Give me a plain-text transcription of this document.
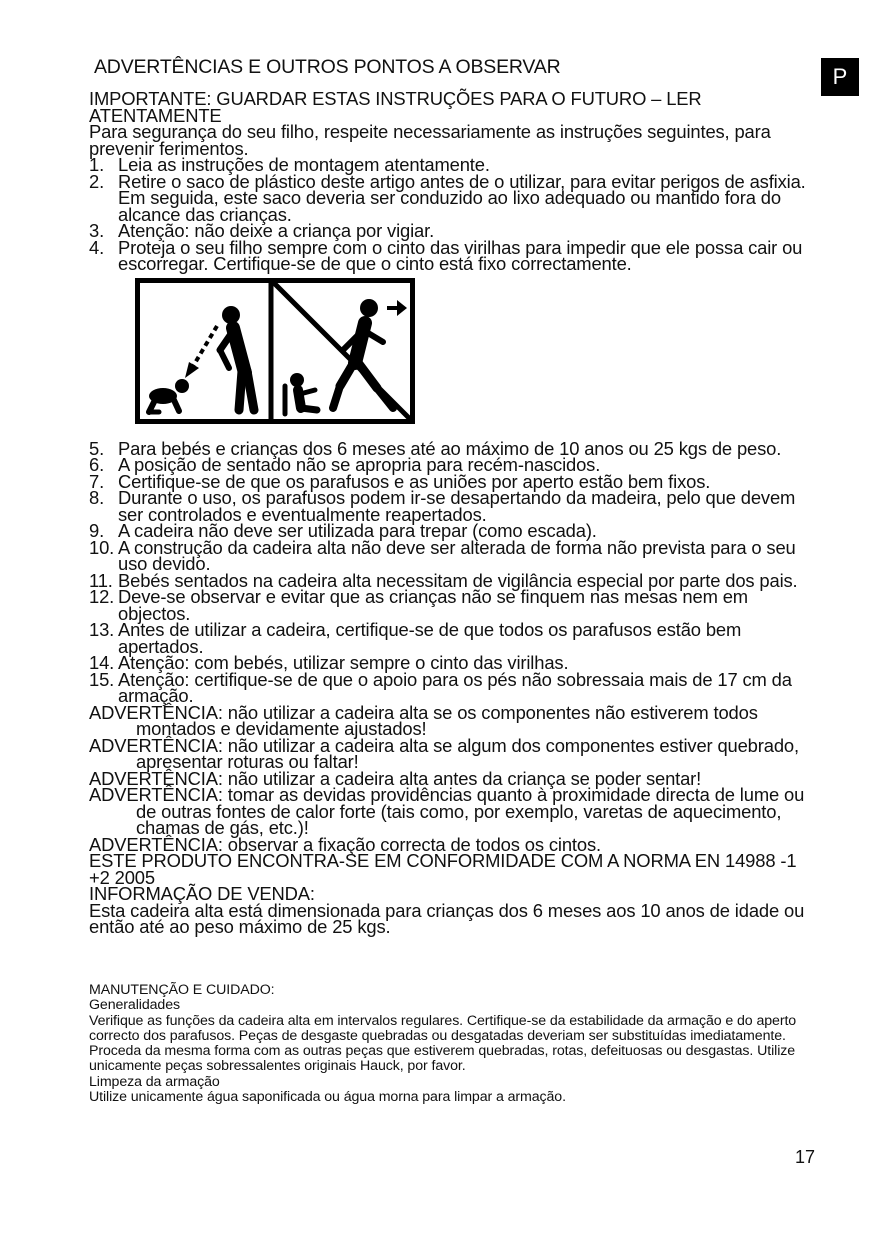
ADVERTÊNCIAS E OUTROS PONTOS A OBSERVAR	P

IMPORTANTE: GUARDAR ESTAS INSTRUÇÕES PARA O FUTURO – LER ATENTAMENTE

Para segurança do seu filho, respeite necessariamente as instruções seguintes, para prevenir ferimentos.

1. Leia as instruções de montagem atentamente.
2. Retire o saco de plástico deste artigo antes de o utilizar, para evitar perigos de asfixia. Em seguida, este saco deveria ser conduzido ao lixo adequado ou mantido fora do alcance das crianças.
3. Atenção: não deixe a criança por vigiar.
4. Proteja o seu filho sempre com o cinto das virilhas para impedir que ele possa cair ou escorregar. Certifique-se de que o cinto está fixo correctamente.
5. Para bebés e crianças dos 6 meses até ao máximo de 10 anos ou 25 kgs de peso.
6. A posição de sentado não se apropria para recém-nascidos.
7. Certifique-se de que os parafusos e as uniões por aperto estão bem fixos.
8. Durante o uso, os parafusos podem ir-se desapertando da madeira, pelo que devem ser controlados e eventualmente reapertados.
9. A cadeira não deve ser utilizada para trepar (como escada).
10. A construção da cadeira alta não deve ser alterada de forma não prevista para o seu uso devido.
11. Bebés sentados na cadeira alta necessitam de vigilância especial por parte dos pais.
12. Deve-se observar e evitar que as crianças não se finquem nas mesas nem em objectos.
13. Antes de utilizar a cadeira, certifique-se de que todos os parafusos estão bem apertados.
14. Atenção: com bebés, utilizar sempre o cinto das virilhas.
15. Atenção: certifique-se de que o apoio para os pés não sobressaia mais de 17 cm da armação.

ADVERTÊNCIA: não utilizar a cadeira alta se os componentes não estiverem todos montados e devidamente ajustados!

ADVERTÊNCIA: não utilizar a cadeira alta se algum dos componentes estiver quebrado, apresentar roturas ou faltar!

ADVERTÊNCIA: não utilizar a cadeira alta antes da criança se poder sentar!

ADVERTÊNCIA: tomar as devidas providências quanto à proximidade directa de lume ou de outras fontes de calor forte (tais como, por exemplo, varetas de aquecimento, chamas de gás, etc.)!

ADVERTÊNCIA: observar a fixação correcta de todos os cintos.

ESTE PRODUTO ENCONTRA-SE EM CONFORMIDADE COM A NORMA EN 14988 -1 +2 2005

INFORMAÇÃO DE VENDA:

Esta cadeira alta está dimensionada para crianças dos 6 meses aos 10 anos de idade ou então até ao peso máximo de 25 kgs.

MANUTENÇÃO E CUIDADO:

Generalidades

Verifique as funções da cadeira alta em intervalos regulares. Certifique-se da estabilidade da armação e do aperto correcto dos parafusos. Peças de desgaste quebradas ou desgatadas deveriam ser substituídas imediatamente. Proceda da mesma forma com as outras peças que estiverem quebradas, rotas, defeituosas ou desgastas. Utilize unicamente peças sobressalentes originais Hauck, por favor.

Limpeza da armação

Utilize unicamente água saponificada ou água morna para limpar a armação.

17
